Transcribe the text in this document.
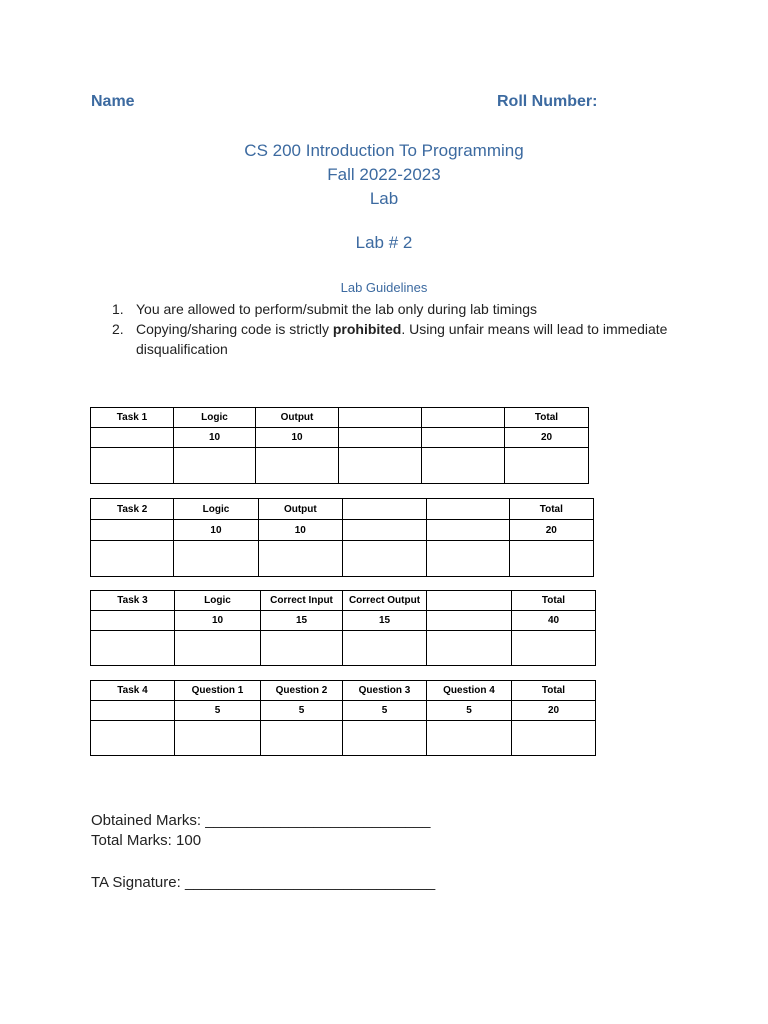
Name	Roll Number:
CS 200 Introduction To Programming
Fall 2022-2023
Lab
Lab # 2
Lab Guidelines
1. You are allowed to perform/submit the lab only during lab timings
2. Copying/sharing code is strictly prohibited. Using unfair means will lead to immediate disqualification
Task 1	Logic	Output			Total
	10	10			20

Task 2	Logic	Output			Total
	10	10			20

Task 3	Logic	Correct Input	Correct Output		Total
	10	15	15		40

Task 4	Question 1	Question 2	Question 3	Question 4	Total
	5	5	5	5	20

Obtained Marks: ___________________________
Total Marks: 100
TA Signature: ______________________________
